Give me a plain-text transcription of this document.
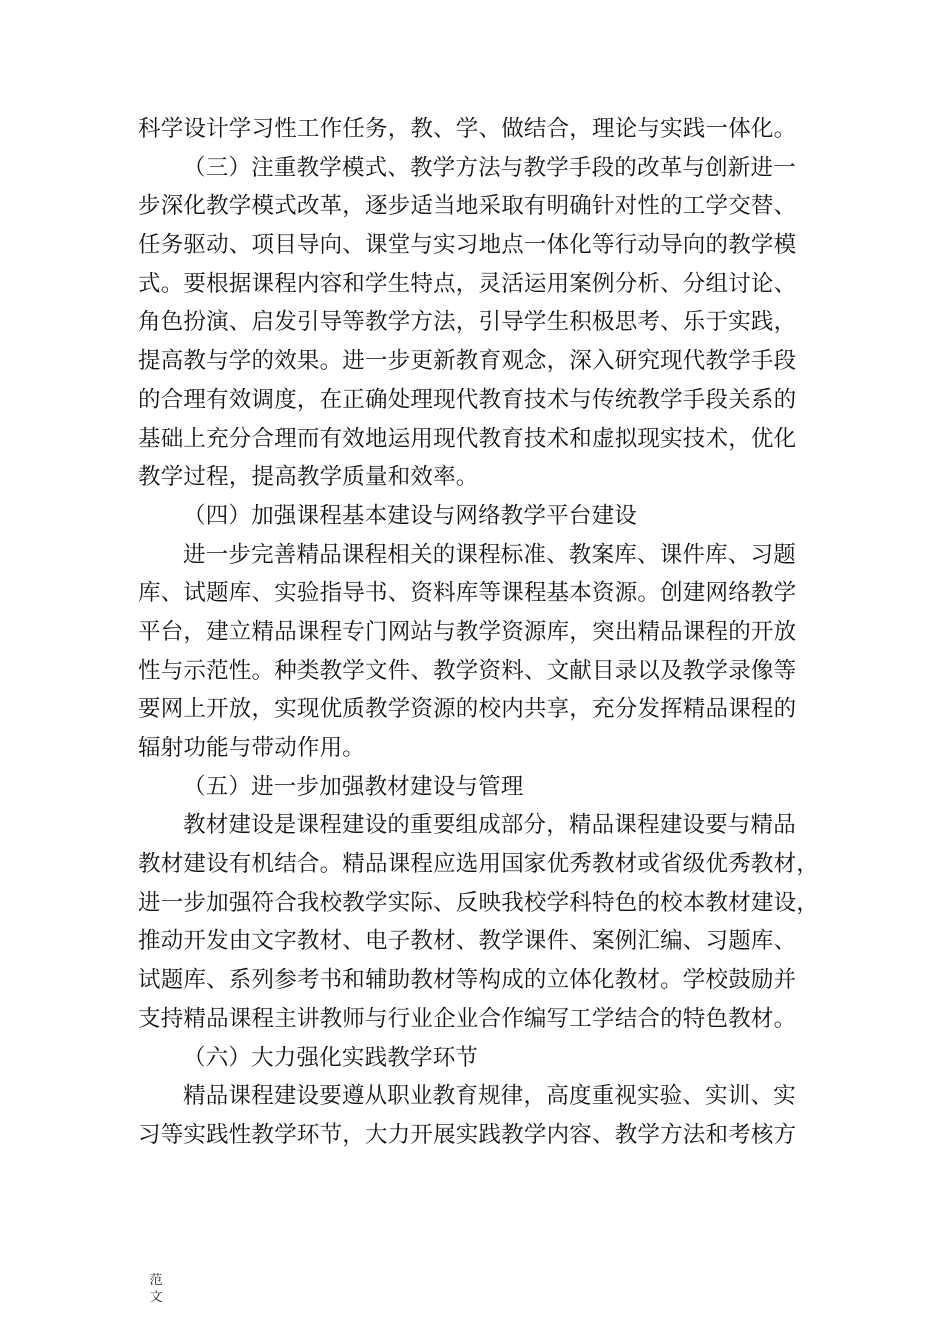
科学设计学习性工作任务，教、学、做结合，理论与实践一体化。
（三）注重教学模式、教学方法与教学手段的改革与创新进一
步深化教学模式改革，逐步适当地采取有明确针对性的工学交替、
任务驱动、项目导向、课堂与实习地点一体化等行动导向的教学模
式。要根据课程内容和学生特点，灵活运用案例分析、分组讨论、
角色扮演、启发引导等教学方法，引导学生积极思考、乐于实践，
提高教与学的效果。进一步更新教育观念，深入研究现代教学手段
的合理有效调度，在正确处理现代教育技术与传统教学手段关系的
基础上充分合理而有效地运用现代教育技术和虚拟现实技术，优化
教学过程，提高教学质量和效率。
（四）加强课程基本建设与网络教学平台建设
进一步完善精品课程相关的课程标准、教案库、课件库、习题
库、试题库、实验指导书、资料库等课程基本资源。创建网络教学
平台，建立精品课程专门网站与教学资源库，突出精品课程的开放
性与示范性。种类教学文件、教学资料、文献目录以及教学录像等
要网上开放，实现优质教学资源的校内共享，充分发挥精品课程的
辐射功能与带动作用。
（五）进一步加强教材建设与管理
教材建设是课程建设的重要组成部分，精品课程建设要与精品
教材建设有机结合。精品课程应选用国家优秀教材或省级优秀教材，
进一步加强符合我校教学实际、反映我校学科特色的校本教材建设，
推动开发由文字教材、电子教材、教学课件、案例汇编、习题库、
试题库、系列参考书和辅助教材等构成的立体化教材。学校鼓励并
支持精品课程主讲教师与行业企业合作编写工学结合的特色教材。
（六）大力强化实践教学环节
精品课程建设要遵从职业教育规律，高度重视实验、实训、实
习等实践性教学环节，大力开展实践教学内容、教学方法和考核方
范
文
